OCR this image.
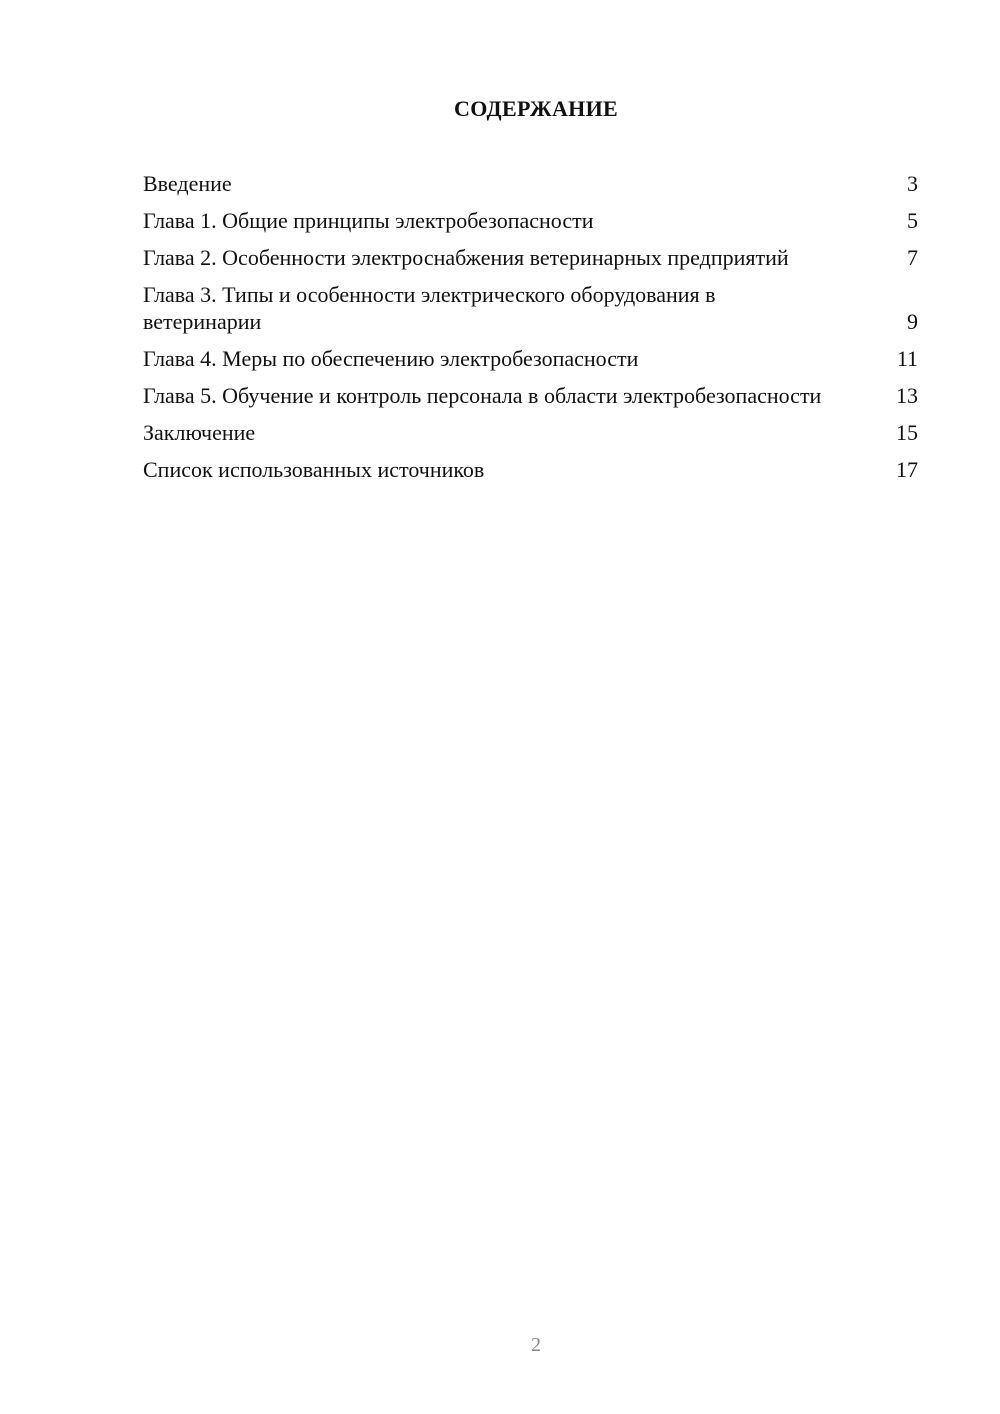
СОДЕРЖАНИЕ
Введение	3
Глава 1. Общие принципы электробезопасности	5
Глава 2. Особенности электроснабжения ветеринарных предприятий	7
Глава 3. Типы и особенности электрического оборудования в ветеринарии	9
Глава 4. Меры по обеспечению электробезопасности	11
Глава 5. Обучение и контроль персонала в области электробезопасности	13
Заключение	15
Список использованных источников	17
2
